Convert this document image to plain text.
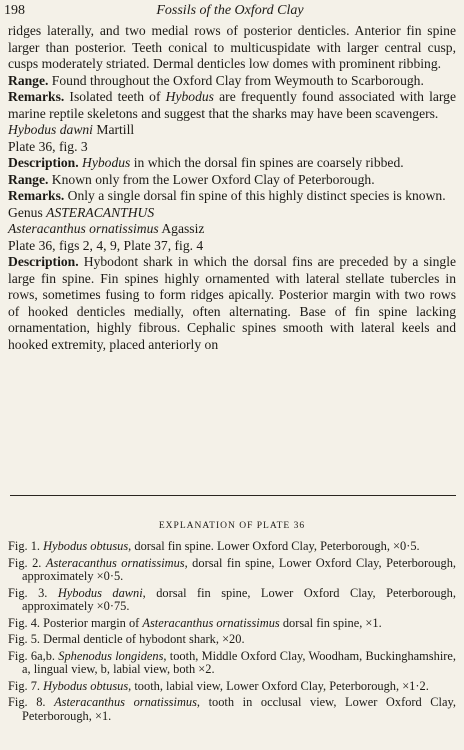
198	Fossils of the Oxford Clay

ridges laterally, and two medial rows of posterior denticles. Anterior fin spine larger than posterior. Teeth conical to multicuspidate with larger central cusp, cusps moderately striated. Dermal denticles low domes with prominent ribbing.

Range. Found throughout the Oxford Clay from Weymouth to Scarborough.

Remarks. Isolated teeth of Hybodus are frequently found associated with large marine reptile skeletons and suggest that the sharks may have been scavengers.

Hybodus dawni Martill

Plate 36, fig. 3

Description. Hybodus in which the dorsal fin spines are coarsely ribbed.

Range. Known only from the Lower Oxford Clay of Peterborough.

Remarks. Only a single dorsal fin spine of this highly distinct species is known.

Genus ASTERACANTHUS

Asteracanthus ornatissimus Agassiz

Plate 36, figs 2, 4, 9, Plate 37, fig. 4

Description. Hybodont shark in which the dorsal fins are preceded by a single large fin spine. Fin spines highly ornamented with lateral stellate tubercles in rows, sometimes fusing to form ridges apically. Posterior margin with two rows of hooked denticles medially, often alternating. Base of fin spine lacking ornamentation, highly fibrous. Cephalic spines smooth with lateral keels and hooked extremity, placed anteriorly on

EXPLANATION OF PLATE 36

Fig. 1. Hybodus obtusus, dorsal fin spine. Lower Oxford Clay, Peterborough, ×0·5.

Fig. 2. Asteracanthus ornatissimus, dorsal fin spine, Lower Oxford Clay, Peterborough, approximately ×0·5.

Fig. 3. Hybodus dawni, dorsal fin spine, Lower Oxford Clay, Peterborough, approximately ×0·75.

Fig. 4. Posterior margin of Asteracanthus ornatissimus dorsal fin spine, ×1.

Fig. 5. Dermal denticle of hybodont shark, ×20.

Fig. 6a,b. Sphenodus longidens, tooth, Middle Oxford Clay, Woodham, Buckinghamshire, a, lingual view, b, labial view, both ×2.

Fig. 7. Hybodus obtusus, tooth, labial view, Lower Oxford Clay, Peterborough, ×1·2.

Fig. 8. Asteracanthus ornatissimus, tooth in occlusal view, Lower Oxford Clay, Peterborough, ×1.
